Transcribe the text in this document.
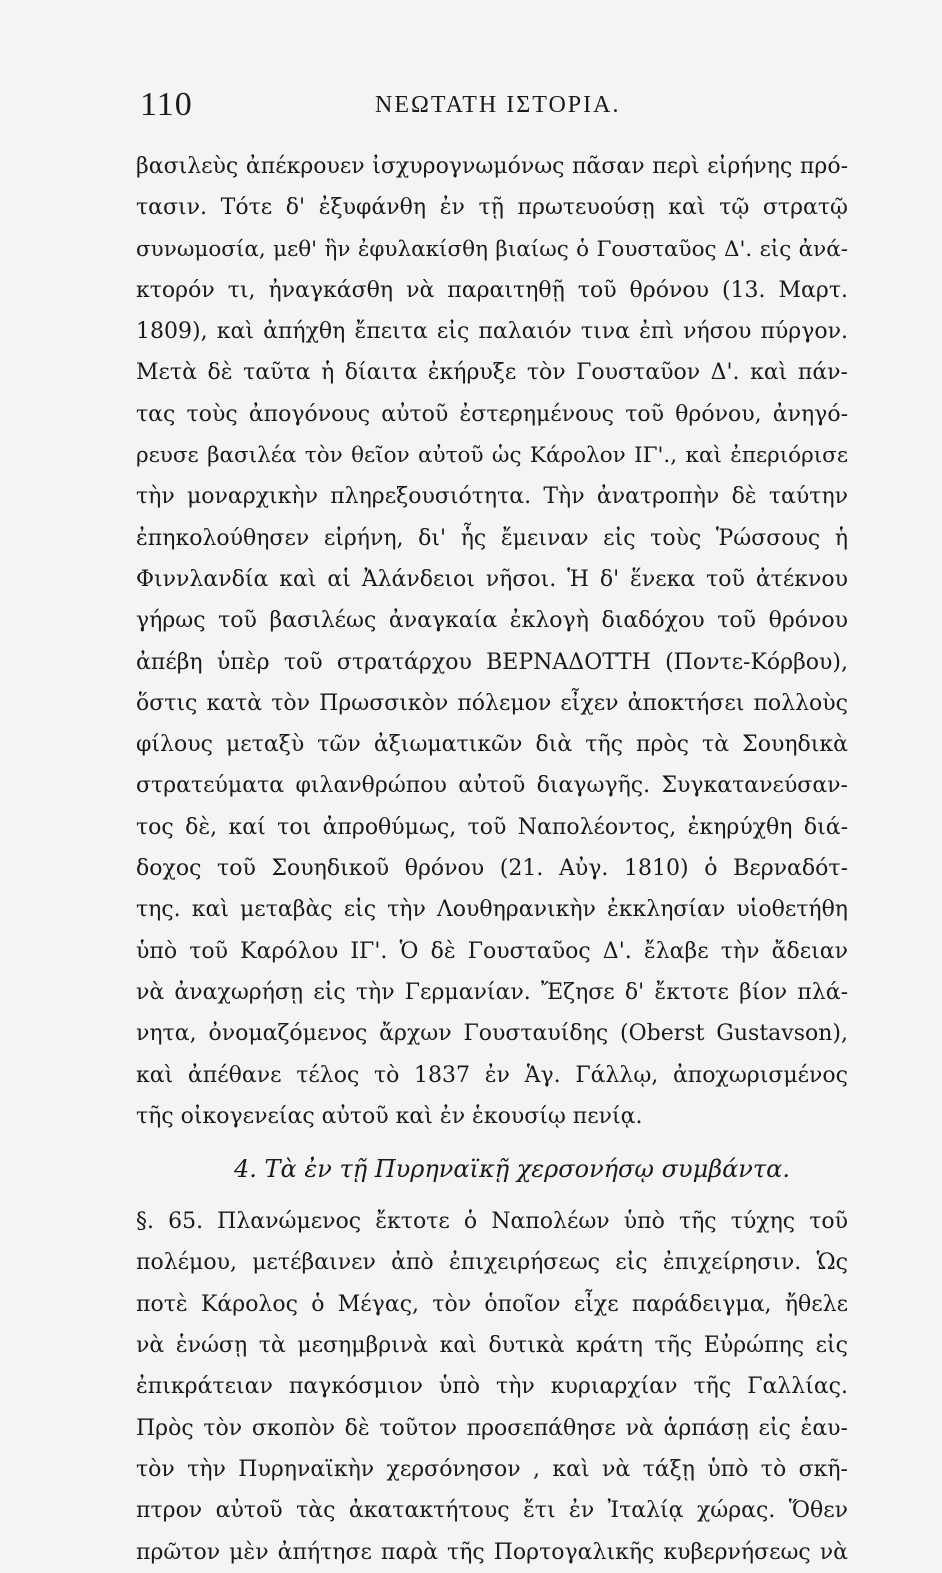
110	ΝΕΩΤΑΤΗ ΙΣΤΟΡΙΑ.
βασιλεὺς ἀπέκρουεν ἰσχυρογνωμόνως πᾶσαν περὶ εἰρήνης πρό-
τασιν. Τότε δ' ἐξυφάνθη ἐν τῇ πρωτευούσῃ καὶ τῷ στρατῷ
συνωμοσία, μεθ' ἣν ἐφυλακίσθη βιαίως ὁ Γουσταῦος Δ'. εἰς ἀνά-
κτορόν τι, ἠναγκάσθη νὰ παραιτηθῇ τοῦ θρόνου (13. Μαρτ.
1809), καὶ ἀπήχθη ἔπειτα εἰς παλαιόν τινα ἐπὶ νήσου πύργον.
Μετὰ δὲ ταῦτα ἡ δίαιτα ἐκήρυξε τὸν Γουσταῦον Δ'. καὶ πάν-
τας τοὺς ἀπογόνους αὐτοῦ ἐστερημένους τοῦ θρόνου, ἀνηγό-
ρευσε βασιλέα τὸν θεῖον αὐτοῦ ὡς Κάρολον ΙΓ'., καὶ ἐπεριόρισε
τὴν μοναρχικὴν πληρεξουσιότητα. Τὴν ἀνατροπὴν δὲ ταύτην
ἐπηκολούθησεν εἰρήνη, δι' ἧς ἔμειναν εἰς τοὺς Ῥώσσους ἡ
Φιννλανδία καὶ αἱ Ἀλάνδειοι νῆσοι. Ἡ δ' ἕνεκα τοῦ ἀτέκνου
γήρως τοῦ βασιλέως ἀναγκαία ἐκλογὴ διαδόχου τοῦ θρόνου
ἀπέβη ὑπὲρ τοῦ στρατάρχου ΒΕΡΝΑΔΟΤΤΗ (Ποντε-Κόρβου),
ὅστις κατὰ τὸν Πρωσσικὸν πόλεμον εἶχεν ἀποκτήσει πολλοὺς
φίλους μεταξὺ τῶν ἀξιωματικῶν διὰ τῆς πρὸς τὰ Σουηδικὰ
στρατεύματα φιλανθρώπου αὐτοῦ διαγωγῆς. Συγκατανεύσαν-
τος δὲ, καί τοι ἀπροθύμως, τοῦ Ναπολέοντος, ἐκηρύχθη διά-
δοχος τοῦ Σουηδικοῦ θρόνου (21. Αὐγ. 1810) ὁ Βερναδότ-
της. καὶ μεταβὰς εἰς τὴν Λουθηρανικὴν ἐκκλησίαν υἱοθετήθη
ὑπὸ τοῦ Καρόλου ΙΓ'. Ὁ δὲ Γουσταῦος Δ'. ἔλαβε τὴν ἄδειαν
νὰ ἀναχωρήσῃ εἰς τὴν Γερμανίαν. Ἔζησε δ' ἔκτοτε βίον πλά-
νητα, ὀνομαζόμενος ἄρχων Γουσταυίδης (Oberst Gustavson),
καὶ ἀπέθανε τέλος τὸ 1837 ἐν Ἁγ. Γάλλῳ, ἀποχωρισμένος
τῆς οἰκογενείας αὐτοῦ καὶ ἐν ἑκουσίῳ πενίᾳ.
4. Τὰ ἐν τῇ Πυρηναϊκῇ χερσονήσῳ συμβάντα.
§. 65. Πλανώμενος ἔκτοτε ὁ Ναπολέων ὑπὸ τῆς τύχης τοῦ
πολέμου, μετέβαινεν ἀπὸ ἐπιχειρήσεως εἰς ἐπιχείρησιν. Ὡς
ποτὲ Κάρολος ὁ Μέγας, τὸν ὁποῖον εἶχε παράδειγμα, ἤθελε
νὰ ἑνώσῃ τὰ μεσημβρινὰ καὶ δυτικὰ κράτη τῆς Εὐρώπης εἰς
ἐπικράτειαν παγκόσμιον ὑπὸ τὴν κυριαρχίαν τῆς Γαλλίας.
Πρὸς τὸν σκοπὸν δὲ τοῦτον προσεπάθησε νὰ ἁρπάσῃ εἰς ἑαυ-
τὸν τὴν Πυρηναϊκὴν χερσόνησον , καὶ νὰ τάξῃ ὑπὸ τὸ σκῆ-
πτρον αὐτοῦ τὰς ἀκατακτήτους ἔτι ἐν Ἰταλίᾳ χώρας. Ὅθεν
πρῶτον μὲν ἀπήτησε παρὰ τῆς Πορτογαλικῆς κυβερνήσεως νὰ
